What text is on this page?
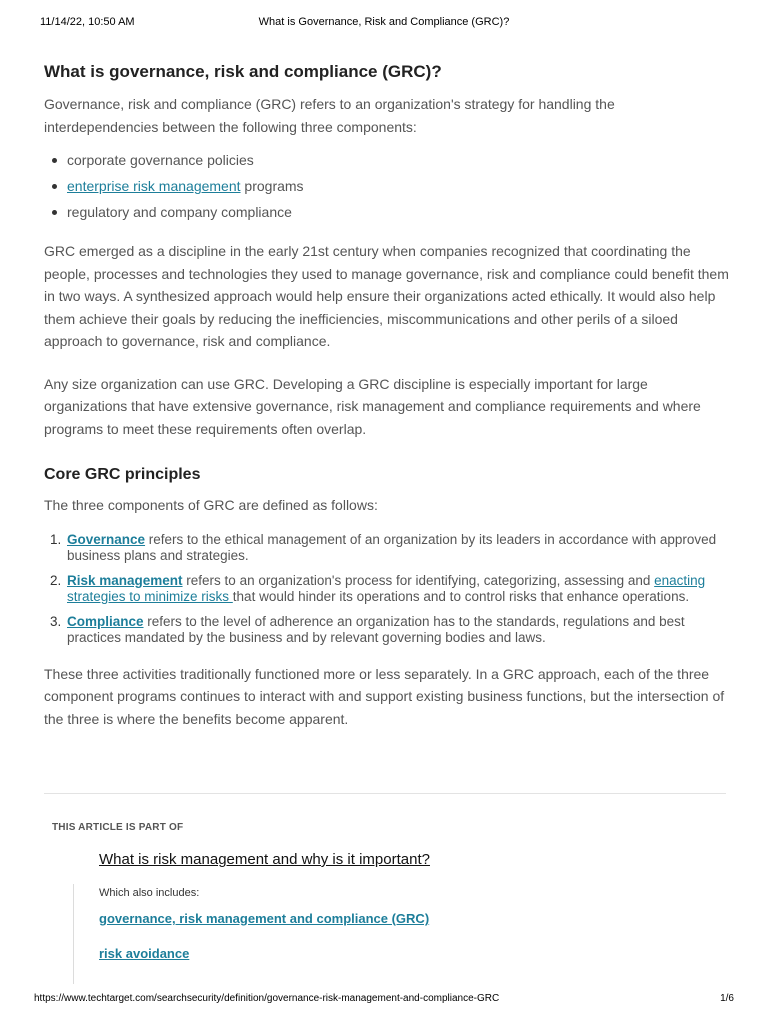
11/14/22, 10:50 AM	What is Governance, Risk and Compliance (GRC)?
What is governance, risk and compliance (GRC)?

Governance, risk and compliance (GRC) refers to an organization's strategy for handling the interdependencies between the following three components:

corporate governance policies
enterprise risk management programs
regulatory and company compliance

GRC emerged as a discipline in the early 21st century when companies recognized that coordinating the people, processes and technologies they used to manage governance, risk and compliance could benefit them in two ways. A synthesized approach would help ensure their organizations acted ethically. It would also help them achieve their goals by reducing the inefficiencies, miscommunications and other perils of a siloed approach to governance, risk and compliance.

Any size organization can use GRC. Developing a GRC discipline is especially important for large organizations that have extensive governance, risk management and compliance requirements and where programs to meet these requirements often overlap.

Core GRC principles

The three components of GRC are defined as follows:

1. Governance refers to the ethical management of an organization by its leaders in accordance with approved business plans and strategies.
2. Risk management refers to an organization's process for identifying, categorizing, assessing and enacting strategies to minimize risks that would hinder its operations and to control risks that enhance operations.
3. Compliance refers to the level of adherence an organization has to the standards, regulations and best practices mandated by the business and by relevant governing bodies and laws.

These three activities traditionally functioned more or less separately. In a GRC approach, each of the three component programs continues to interact with and support existing business functions, but the intersection of the three is where the benefits become apparent.

THIS ARTICLE IS PART OF
What is risk management and why is it important?
Which also includes:
governance, risk management and compliance (GRC)
risk avoidance
https://www.techtarget.com/searchsecurity/definition/governance-risk-management-and-compliance-GRC	1/6
